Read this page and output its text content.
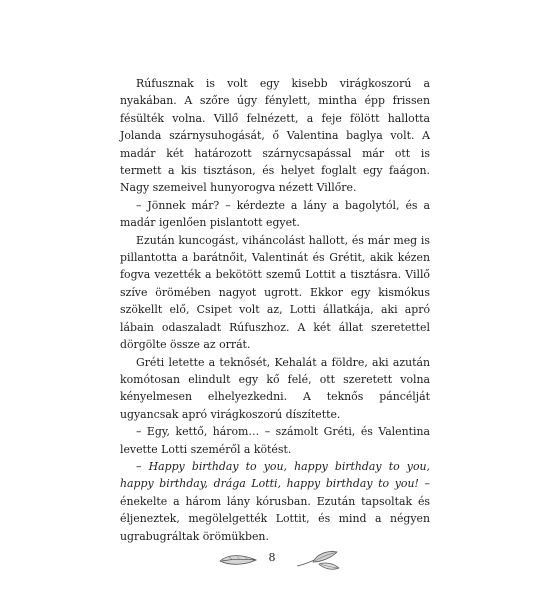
Rúfusznak is volt egy kisebb virágkoszorú a nyakában. A szőre úgy fénylett, mintha épp frissen fésülték volna. Villő felnézett, a feje fölött hallotta Jolanda szárnysuhogását, ő Valentina baglya volt. A madár két határozott szárnycsapással már ott is termett a kis tisztáson, és helyet foglalt egy faágon. Nagy szemeivel hunyorogva nézett Villőre.

– Jönnek már? – kérdezte a lány a bagolytól, és a madár igenlően pislantott egyet.

Ezután kuncogást, viháncolást hallott, és már meg is pillantotta a barátnőit, Valentinát és Grétit, akik kézen fogva vezették a bekötött szemű Lottit a tisztásra. Villő szíve örömében nagyot ugrott. Ekkor egy kismókus szökellt elő, Csipet volt az, Lotti állatkája, aki apró lábain odaszaladt Rúfuszhoz. A két állat szeretettel dörgölte össze az orrát.

Gréti letette a teknősét, Kehalát a földre, aki azután komótosan elindult egy kő felé, ott szeretett volna kényelmesen elhelyezkedni. A teknős páncélját ugyancsak apró virágkoszorú díszítette.

– Egy, kettő, három… – számolt Gréti, és Valentina levette Lotti szeméről a kötést.

– Happy birthday to you, happy birthday to you, happy birthday, drága Lotti, happy birthday to you! – énekelte a három lány kórusban. Ezután tapsoltak és éljeneztek, megölelgették Lottit, és mind a négyen ugrabugráltak örömükben.

8
